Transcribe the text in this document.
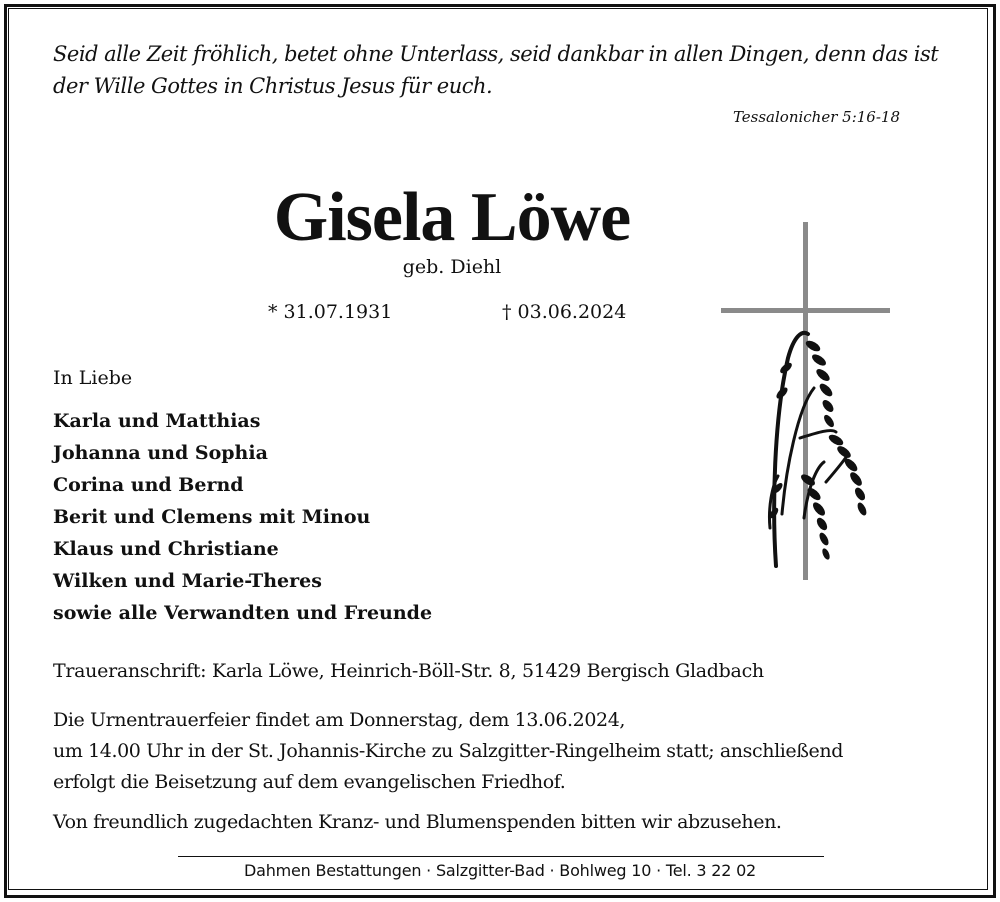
Seid alle Zeit fröhlich, betet ohne Unterlass, seid dankbar in allen Dingen, denn das ist
der Wille Gottes in Christus Jesus für euch.
Tessalonicher 5:16-18
Gisela Löwe
geb. Diehl
* 31.07.1931	† 03.06.2024
In Liebe
Karla und Matthias
Johanna und Sophia
Corina und Bernd
Berit und Clemens mit Minou
Klaus und Christiane
Wilken und Marie-Theres
sowie alle Verwandten und Freunde
Traueranschrift: Karla Löwe, Heinrich-Böll-Str. 8, 51429 Bergisch Gladbach
Die Urnentrauerfeier findet am Donnerstag, dem 13.06.2024,
um 14.00 Uhr in der St. Johannis-Kirche zu Salzgitter-Ringelheim statt; anschließend
erfolgt die Beisetzung auf dem evangelischen Friedhof.
Von freundlich zugedachten Kranz- und Blumenspenden bitten wir abzusehen.
Dahmen Bestattungen · Salzgitter-Bad · Bohlweg 10 · Tel. 3 22 02
